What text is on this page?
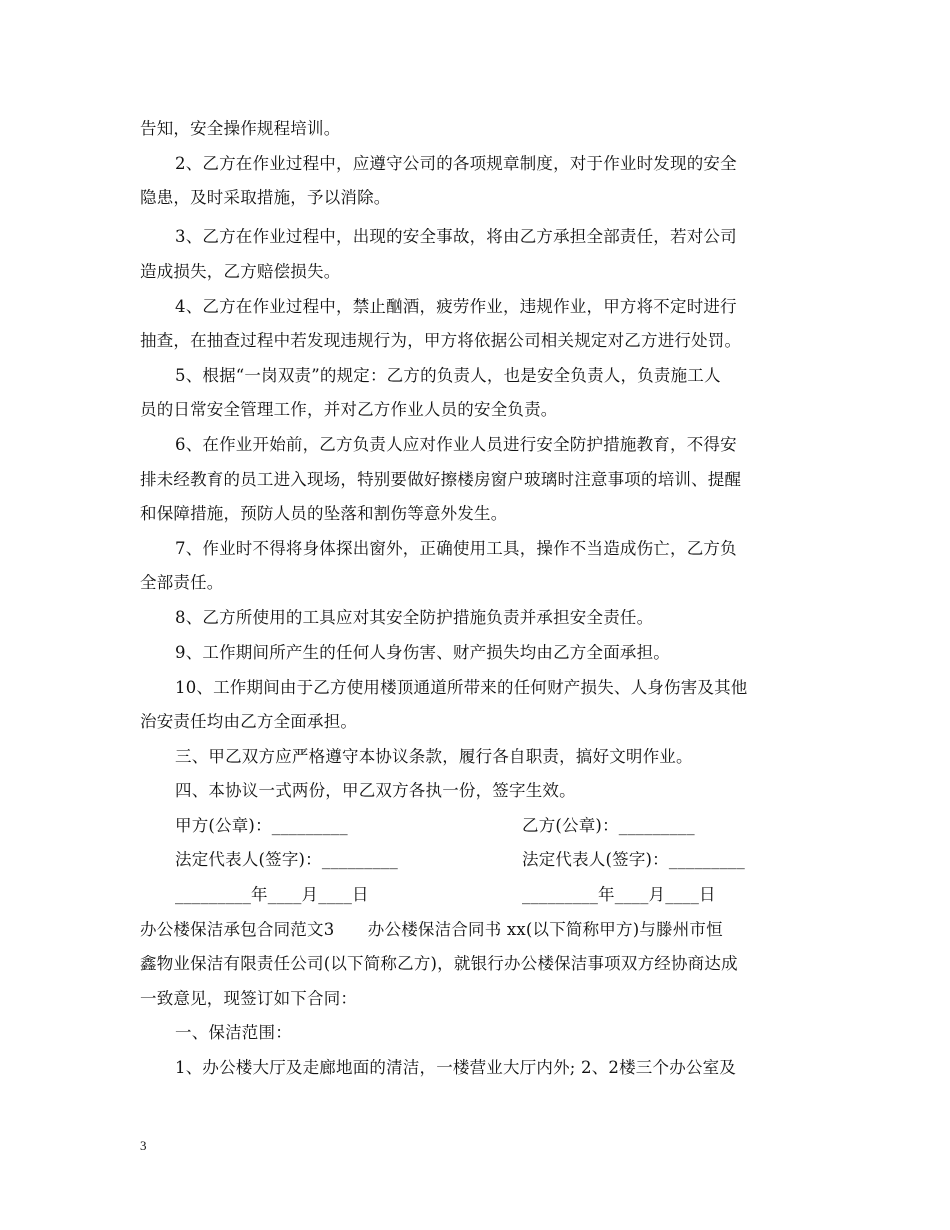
告知，安全操作规程培训。
2、乙方在作业过程中，应遵守公司的各项规章制度，对于作业时发现的安全
隐患，及时采取措施，予以消除。
3、乙方在作业过程中，出现的安全事故，将由乙方承担全部责任，若对公司
造成损失，乙方赔偿损失。
4、乙方在作业过程中，禁止酗酒，疲劳作业，违规作业，甲方将不定时进行
抽查，在抽查过程中若发现违规行为，甲方将依据公司相关规定对乙方进行处罚。
5、根据“一岗双责”的规定：乙方的负责人，也是安全负责人，负责施工人
员的日常安全管理工作，并对乙方作业人员的安全负责。
6、在作业开始前，乙方负责人应对作业人员进行安全防护措施教育，不得安
排未经教育的员工进入现场，特别要做好擦楼房窗户玻璃时注意事项的培训、提醒
和保障措施，预防人员的坠落和割伤等意外发生。
7、作业时不得将身体探出窗外，正确使用工具，操作不当造成伤亡，乙方负
全部责任。
8、乙方所使用的工具应对其安全防护措施负责并承担安全责任。
9、工作期间所产生的任何人身伤害、财产损失均由乙方全面承担。
10、工作期间由于乙方使用楼顶通道所带来的任何财产损失、人身伤害及其他
治安责任均由乙方全面承担。
三、甲乙双方应严格遵守本协议条款，履行各自职责，搞好文明作业。
四、本协议一式两份，甲乙双方各执一份，签字生效。
甲方(公章)：_________	乙方(公章)：_________
法定代表人(签字)：_________	法定代表人(签字)：_________
_________年____月____日	_________年____月____日
办公楼保洁承包合同范文3　　办公楼保洁合同书 xx(以下简称甲方)与滕州市恒
鑫物业保洁有限责任公司(以下简称乙方)，就银行办公楼保洁事项双方经协商达成
一致意见，现签订如下合同：
一、保洁范围：
1、办公楼大厅及走廊地面的清洁，一楼营业大厅内外; 2、2楼三个办公室及
3
